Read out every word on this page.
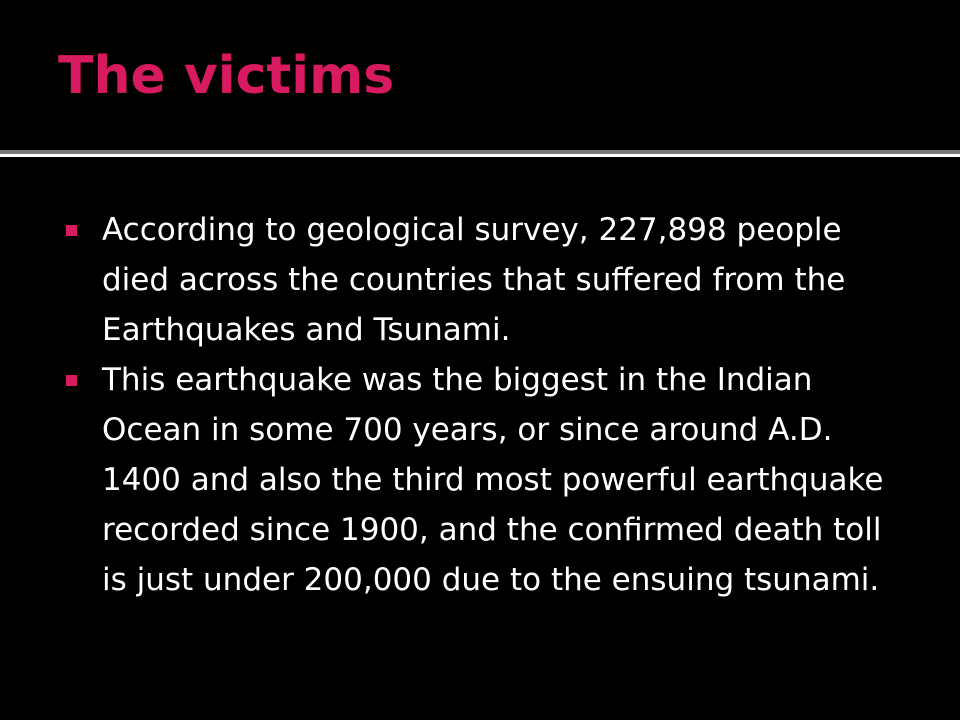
The victims
According to geological survey, 227,898 people died across the countries that suffered from the Earthquakes and Tsunami.
This earthquake was the biggest in the Indian Ocean in some 700 years, or since around A.D. 1400 and also the third most powerful earthquake recorded since 1900, and the confirmed death toll is just under 200,000 due to the ensuing tsunami.
